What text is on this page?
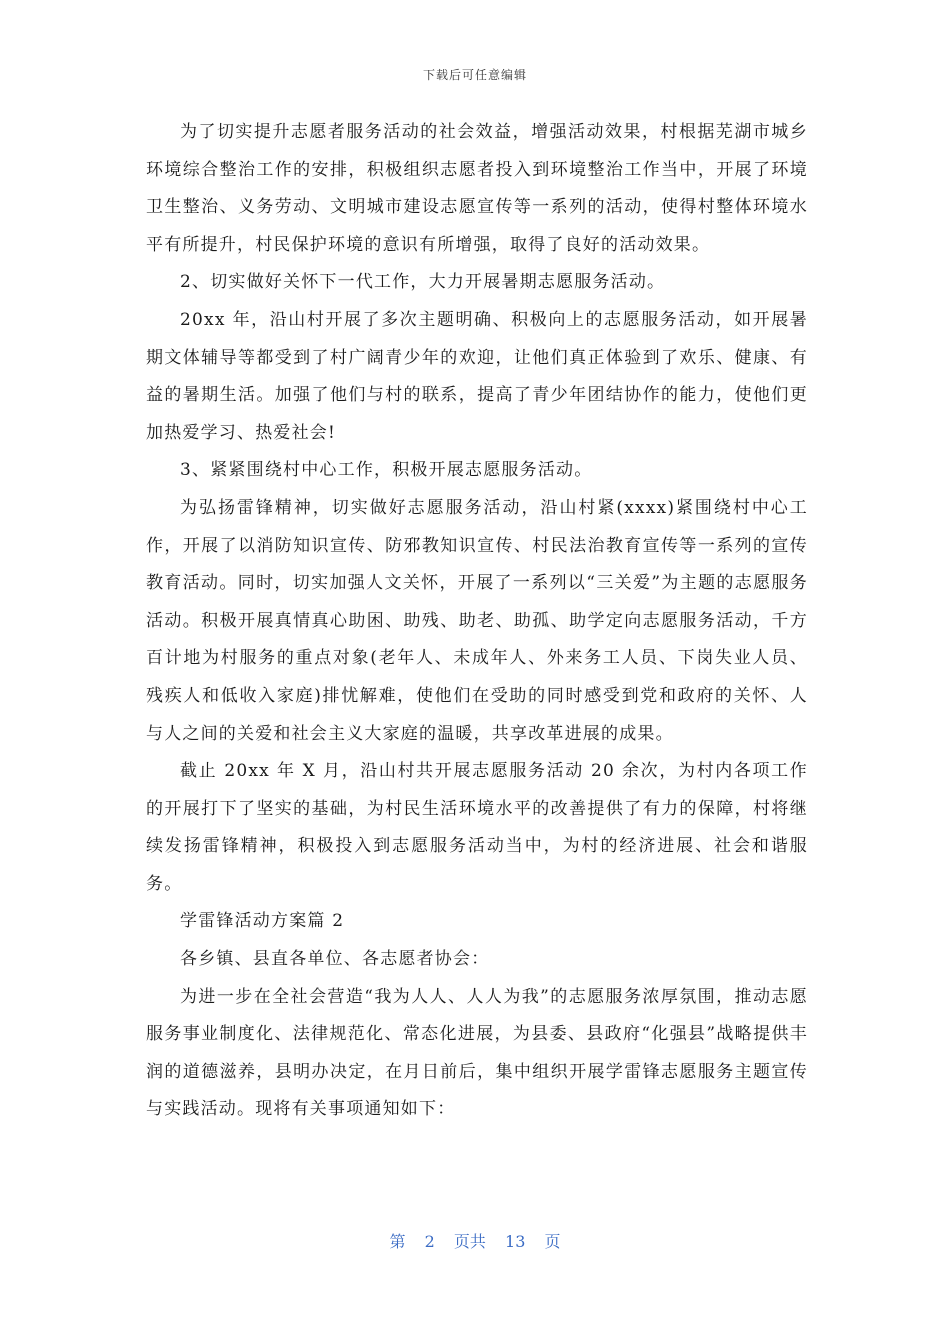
下载后可任意编辑

为了切实提升志愿者服务活动的社会效益，增强活动效果，村根据芜湖市城乡环境综合整治工作的安排，积极组织志愿者投入到环境整治工作当中，开展了环境卫生整治、义务劳动、文明城市建设志愿宣传等一系列的活动，使得村整体环境水平有所提升，村民保护环境的意识有所增强，取得了良好的活动效果。

2、切实做好关怀下一代工作，大力开展暑期志愿服务活动。

20xx 年，沿山村开展了多次主题明确、积极向上的志愿服务活动，如开展暑期文体辅导等都受到了村广阔青少年的欢迎，让他们真正体验到了欢乐、健康、有益的暑期生活。加强了他们与村的联系，提高了青少年团结协作的能力，使他们更加热爱学习、热爱社会!

3、紧紧围绕村中心工作，积极开展志愿服务活动。

为弘扬雷锋精神，切实做好志愿服务活动，沿山村紧(xxxx)紧围绕村中心工作，开展了以消防知识宣传、防邪教知识宣传、村民法治教育宣传等一系列的宣传教育活动。同时，切实加强人文关怀，开展了一系列以“三关爱”为主题的志愿服务活动。积极开展真情真心助困、助残、助老、助孤、助学定向志愿服务活动，千方百计地为村服务的重点对象(老年人、未成年人、外来务工人员、下岗失业人员、残疾人和低收入家庭)排忧解难，使他们在受助的同时感受到党和政府的关怀、人与人之间的关爱和社会主义大家庭的温暖，共享改革进展的成果。

截止 20xx 年 X 月，沿山村共开展志愿服务活动 20 余次，为村内各项工作的开展打下了坚实的基础，为村民生活环境水平的改善提供了有力的保障，村将继续发扬雷锋精神，积极投入到志愿服务活动当中，为村的经济进展、社会和谐服务。

学雷锋活动方案篇 2

各乡镇、县直各单位、各志愿者协会：

为进一步在全社会营造“我为人人、人人为我”的志愿服务浓厚氛围，推动志愿服务事业制度化、法律规范化、常态化进展，为县委、县政府“化强县”战略提供丰润的道德滋养，县明办决定，在月日前后，集中组织开展学雷锋志愿服务主题宣传与实践活动。现将有关事项通知如下：

第 2 页共 13 页
